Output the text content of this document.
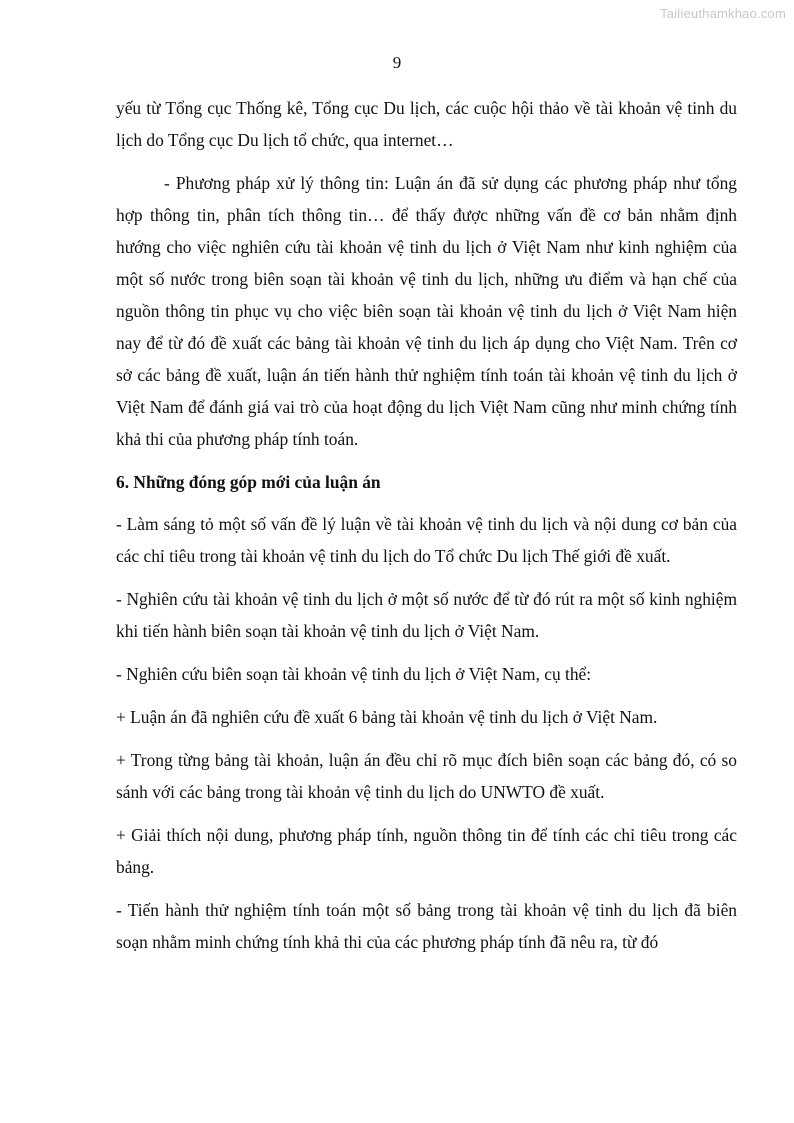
Tailieuthamkhao.com
9

yếu từ Tổng cục Thống kê, Tổng cục Du lịch, các cuộc hội thảo về tài khoản vệ tinh du lịch do Tổng cục Du lịch tổ chức, qua internet…

- Phương pháp xử lý thông tin: Luận án đã sử dụng các phương pháp như tổng hợp thông tin, phân tích thông tin… để thấy được những vấn đề cơ bản nhằm định hướng cho việc nghiên cứu tài khoản vệ tinh du lịch ở Việt Nam như kinh nghiệm của một số nước trong biên soạn tài khoản vệ tinh du lịch, những ưu điểm và hạn chế của nguồn thông tin phục vụ cho việc biên soạn tài khoản vệ tinh du lịch ở Việt Nam hiện nay để từ đó đề xuất các bảng tài khoản vệ tinh du lịch áp dụng cho Việt Nam. Trên cơ sở các bảng đề xuất, luận án tiến hành thử nghiệm tính toán tài khoản vệ tinh du lịch ở Việt Nam để đánh giá vai trò của hoạt động du lịch Việt Nam cũng như minh chứng tính khả thi của phương pháp tính toán.

6. Những đóng góp mới của luận án

- Làm sáng tỏ một số vấn đề lý luận về tài khoản vệ tinh du lịch và nội dung cơ bản của các chỉ tiêu trong tài khoản vệ tinh du lịch do Tổ chức Du lịch Thế giới đề xuất.

- Nghiên cứu tài khoản vệ tinh du lịch ở một số nước để từ đó rút ra một số kinh nghiệm khi tiến hành biên soạn tài khoản vệ tinh du lịch ở Việt Nam.

- Nghiên cứu biên soạn tài khoản vệ tinh du lịch ở Việt Nam, cụ thể:

+ Luận án đã nghiên cứu đề xuất 6 bảng tài khoản vệ tinh du lịch ở Việt Nam.

+ Trong từng bảng tài khoản, luận án đều chỉ rõ mục đích biên soạn các bảng đó, có so sánh với các bảng trong tài khoản vệ tinh du lịch do UNWTO đề xuất.

+ Giải thích nội dung, phương pháp tính, nguồn thông tin để tính các chỉ tiêu trong các bảng.

- Tiến hành thử nghiệm tính toán một số bảng trong tài khoản vệ tinh du lịch đã biên soạn nhằm minh chứng tính khả thi của các phương pháp tính đã nêu ra, từ đó
